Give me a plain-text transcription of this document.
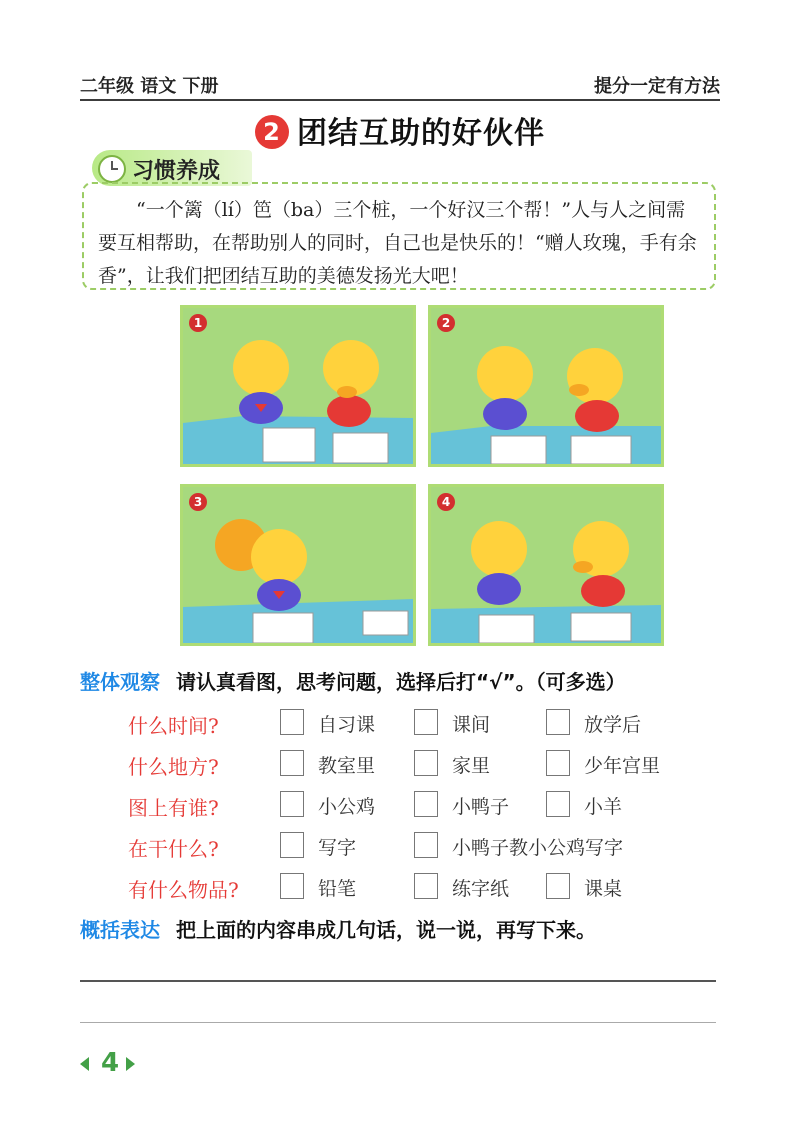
二年级 语文 下册	提分一定有方法
2 团结互助的好伙伴
习惯养成
“一个篱（lí）笆（ba）三个桩，一个好汉三个帮！”人与人之间需要互相帮助，在帮助别人的同时，自己也是快乐的！“赠人玫瑰，手有余香”，让我们把团结互助的美德发扬光大吧！
1	2
3	4
整体观察 请认真看图，思考问题，选择后打“√”。（可多选）
什么时间?	自习课	课间	放学后
什么地方?	教室里	家里	少年宫里
图上有谁?	小公鸡	小鸭子	小羊
在干什么?	写字	小鸭子教小公鸡写字
有什么物品?	铅笔	练字纸	课桌
概括表达 把上面的内容串成几句话，说一说，再写下来。
4
